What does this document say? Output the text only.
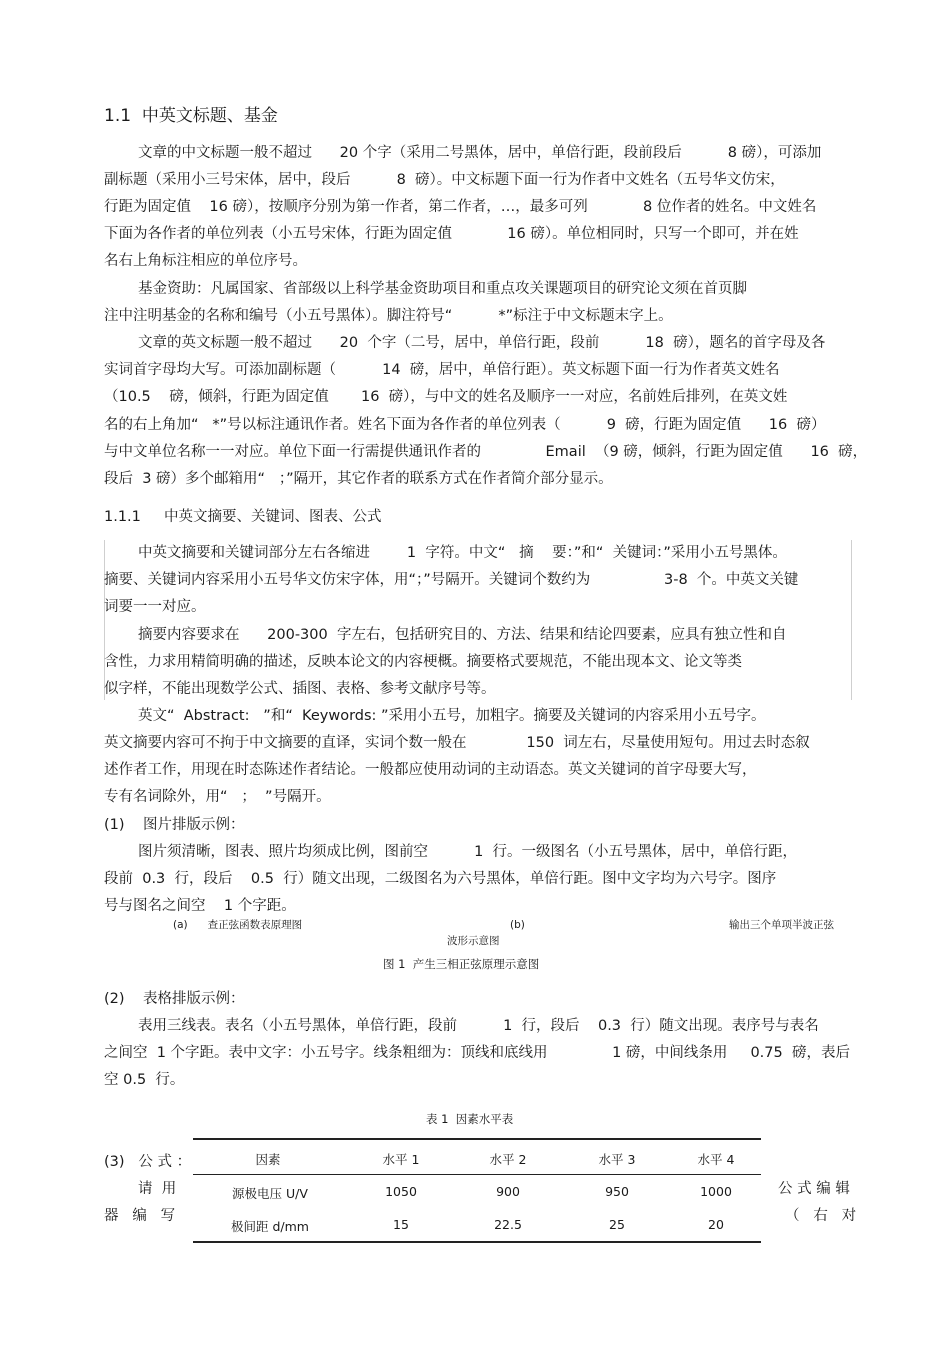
1.1  中英文标题、基金
文章的中文标题一般不超过      20 个字（采用二号黑体，居中，单倍行距，段前段后          8 磅），可添加
副标题（采用小三号宋体，居中，段后          8  磅）。中文标题下面一行为作者中文姓名（五号华文仿宋，
行距为固定值    16 磅），按顺序分别为第一作者，第二作者，…，最多可列            8 位作者的姓名。中文姓名
下面为各作者的单位列表（小五号宋体，行距为固定值            16 磅）。单位相同时，只写一个即可，并在姓
名右上角标注相应的单位序号。
基金资助：凡属国家、省部级以上科学基金资助项目和重点攻关课题项目的研究论文须在首页脚
注中注明基金的名称和编号（小五号黑体）。脚注符号“          *”标注于中文标题末字上。
文章的英文标题一般不超过      20  个字（二号，居中，单倍行距，段前          18  磅），题名的首字母及各
实词首字母均大写。可添加副标题（          14  磅，居中，单倍行距）。英文标题下面一行为作者英文姓名
（10.5    磅，倾斜，行距为固定值       16  磅），与中文的姓名及顺序一一对应，名前姓后排列，在英文姓
名的右上角加“   *”号以标注通讯作者。姓名下面为各作者的单位列表（          9  磅，行距为固定值      16  磅）
与中文单位名称一一对应。单位下面一行需提供通讯作者的              Email  （9 磅，倾斜，行距为固定值      16  磅，
段后  3 磅）多个邮箱用“   ；”隔开，其它作者的联系方式在作者简介部分显示。
1.1.1     中英文摘要、关键词、图表、公式
中英文摘要和关键词部分左右各缩进        1  字符。中文“   摘    要：”和“  关键词：”采用小五号黑体。
摘要、关键词内容采用小五号华文仿宋字体，用“；”号隔开。关键词个数约为                3-8  个。中英文关键
词要一一对应。
摘要内容要求在      200-300  字左右，包括研究目的、方法、结果和结论四要素，应具有独立性和自
含性，力求用精简明确的描述，反映本论文的内容梗概。摘要格式要规范，不能出现本文、论文等类
似字样，不能出现数学公式、插图、表格、参考文献序号等。
英文“  Abstract:   ”和“  Keywords: ”采用小五号，加粗字。摘要及关键词的内容采用小五号字。
英文摘要内容可不拘于中文摘要的直译，实词个数一般在             150  词左右，尽量使用短句。用过去时态叙
述作者工作，用现在时态陈述作者结论。一般都应使用动词的主动语态。英文关键词的首字母要大写，
专有名词除外，用“   ；  ”号隔开。
(1)    图片排版示例：
图片须清晰，图表、照片均须成比例，图前空          1  行。一级图名（小五号黑体，居中，单倍行距，
段前  0.3  行，段后    0.5  行）随文出现，二级图名为六号黑体，单倍行距。图中文字均为六号字。图序
号与图名之间空    1 个字距。
(a)      查正弦函数表原理图	(b)	输出三个单项半波正弦
波形示意图
图 1  产生三相正弦原理示意图
(2)    表格排版示例：
表用三线表。表名（小五号黑体，单倍行距，段前          1  行，段后    0.3  行）随文出现。表序号与表名
之间空  1 个字距。表中文字：小五号字。线条粗细为：顶线和底线用              1 磅，中间线条用     0.75  磅，表后
空 0.5  行。
表 1  因素水平表
因素	水平 1	水平 2	水平 3	水平 4
源极电压 U/V	1050	900	950	1000
极间距 d/mm	15	22.5	25	20
(3)   公 式 ：
请  用
器   编   写
公 式 编 辑
（   右   对
